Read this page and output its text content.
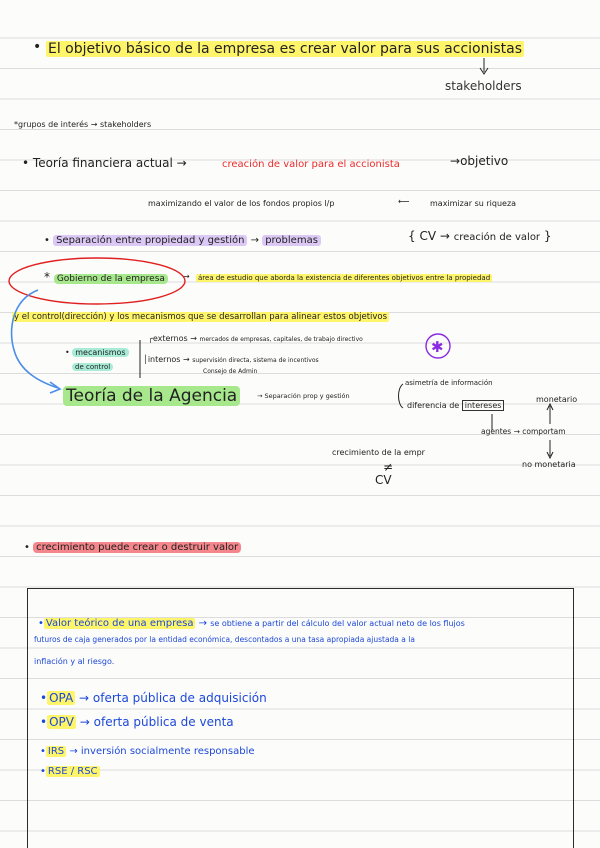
• El objetivo básico de la empresa es crear valor para sus accionistas
stakeholders
*grupos de interés → stakeholders
• Teoría financiera actual →	creación de valor para el accionista	→objetivo
maximizando el valor de los fondos propios l/p	⟵	maximizar su riqueza
• Separación entre propiedad y gestión → problemas	{ CV → creación de valor }
* Gobierno de la empresa	→ área de estudio que aborda la existencia de diferentes objetivos entre la propiedad
y el control(dirección) y los mecanismos que se desarrollan para alinear estos objetivos
╭externos → mercados de empresas, capitales, de trabajo directivo
• mecanismos
de control
│internos → supervisión directa, sistema de incentivos
Consejo de Admin
Teoría de la Agencia	→ Separación prop y gestión
asimetría de información
diferencia de intereses
monetario
agentes → comportam
no monetaria
crecimiento de la empr
≠
CV
• crecimiento puede crear o destruir valor
• Valor teórico de una empresa → se obtiene a partir del cálculo del valor actual neto de los flujos
futuros de caja generados por la entidad económica, descontados a una tasa apropiada ajustada a la
inflación y al riesgo.
• OPA → oferta pública de adquisición
• OPV → oferta pública de venta
• IRS → inversión socialmente responsable
• RSE / RSC
✱
